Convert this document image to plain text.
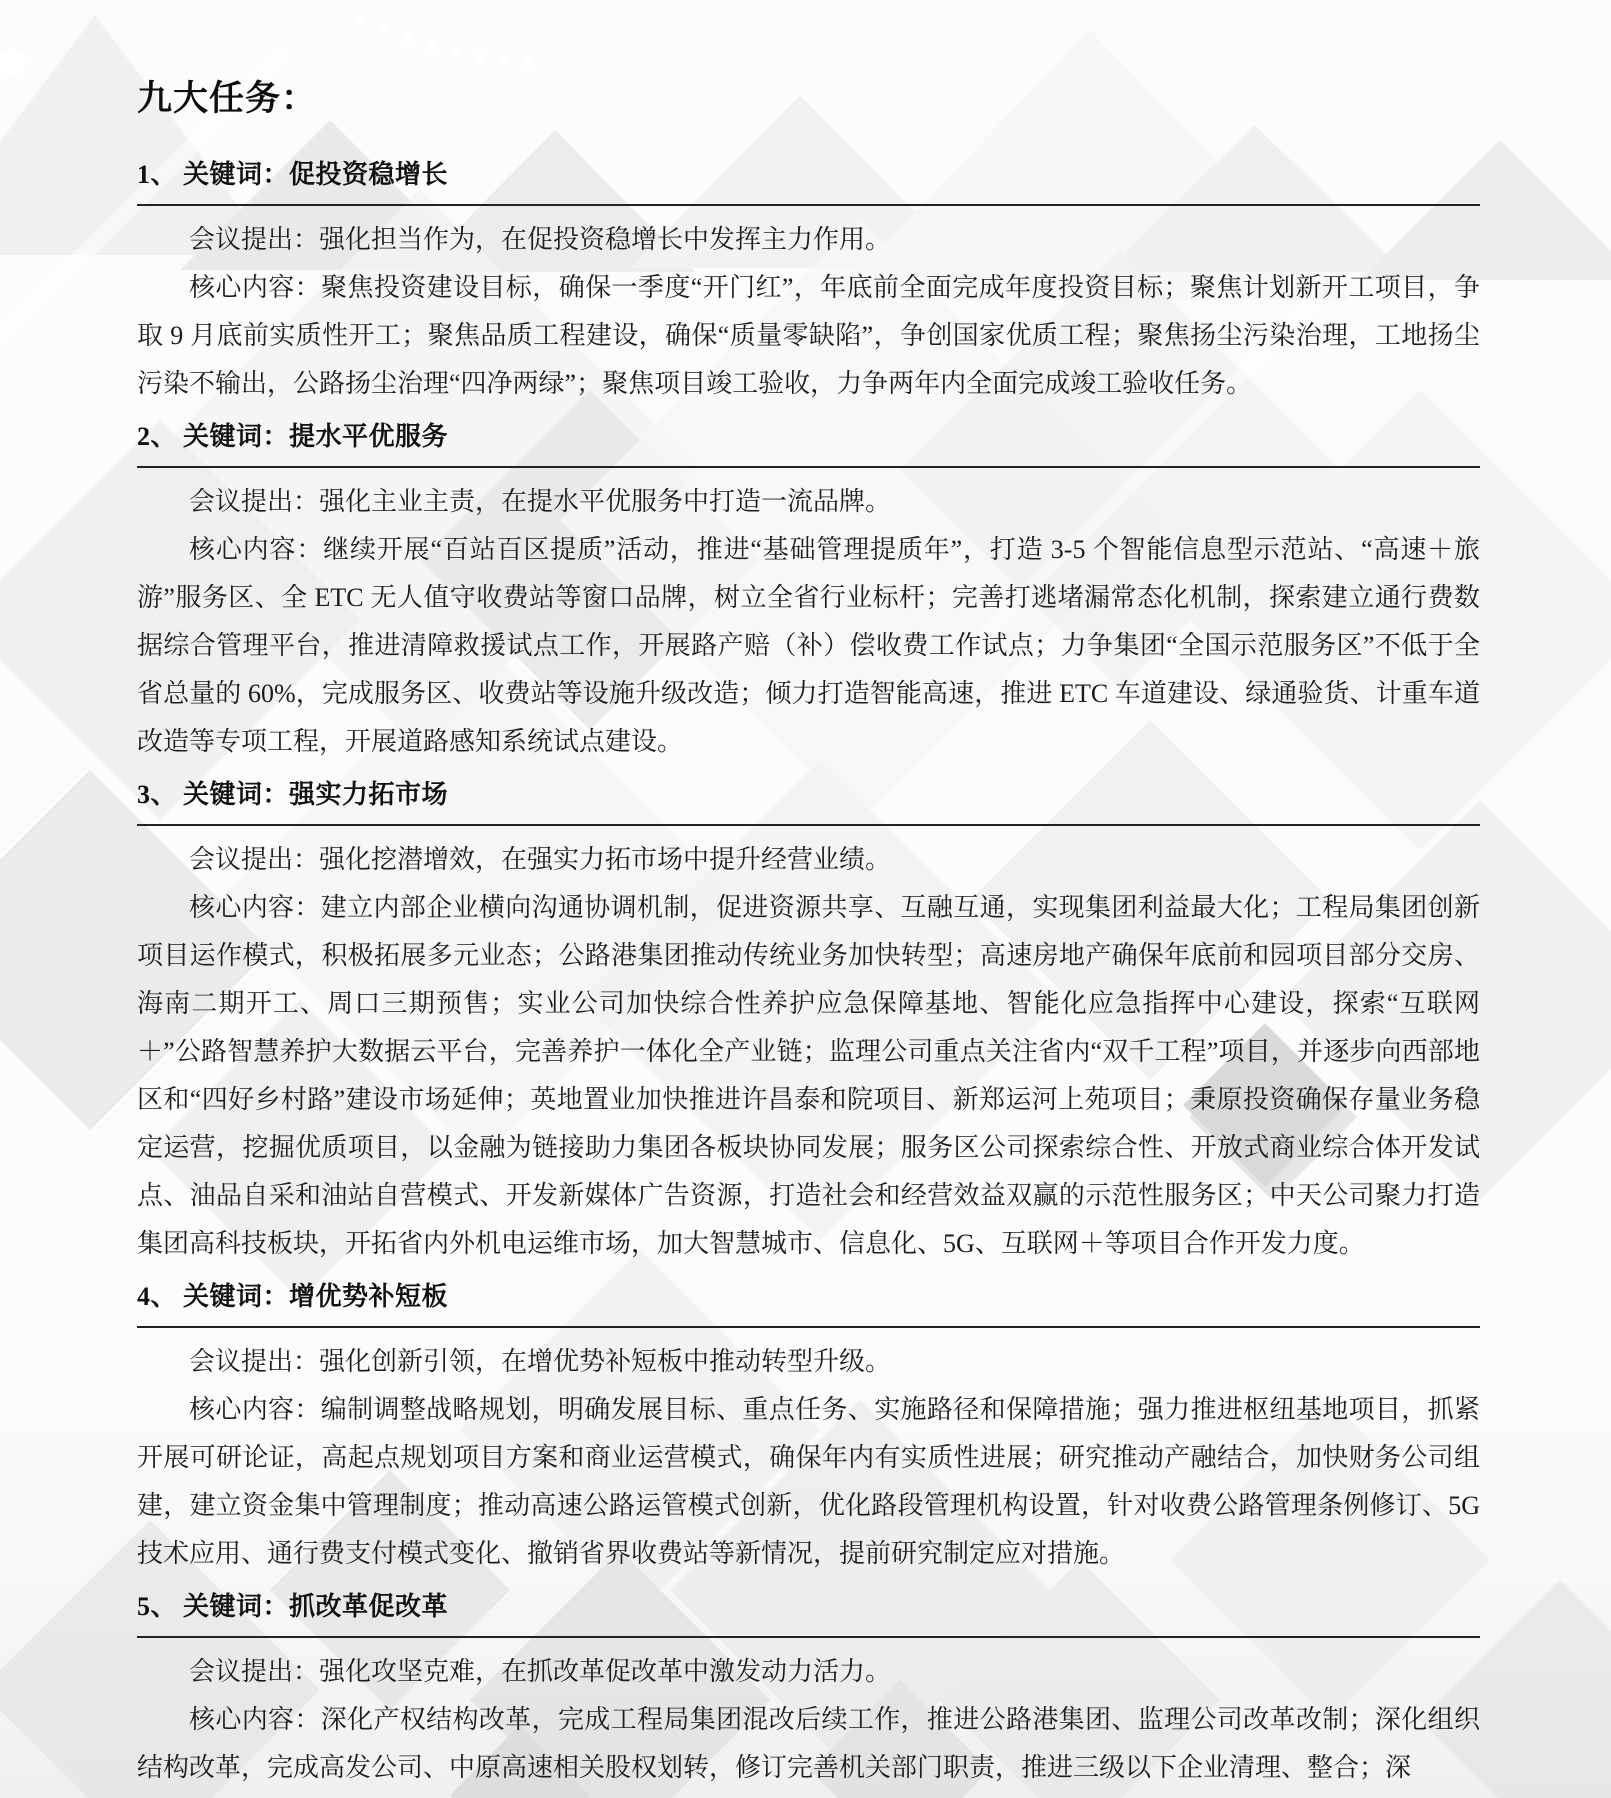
九大任务：
1、 关键词：促投资稳增长

会议提出：强化担当作为，在促投资稳增长中发挥主力作用。

核心内容：聚焦投资建设目标，确保一季度“开门红”，年底前全面完成年度投资目标；聚焦计划新开工项目，争取 9 月底前实质性开工；聚焦品质工程建设，确保“质量零缺陷”，争创国家优质工程；聚焦扬尘污染治理，工地扬尘污染不输出，公路扬尘治理“四净两绿”；聚焦项目竣工验收，力争两年内全面完成竣工验收任务。

2、 关键词：提水平优服务

会议提出：强化主业主责，在提水平优服务中打造一流品牌。

核心内容：继续开展“百站百区提质”活动，推进“基础管理提质年”，打造 3-5 个智能信息型示范站、“高速＋旅游”服务区、全 ETC 无人值守收费站等窗口品牌，树立全省行业标杆；完善打逃堵漏常态化机制，探索建立通行费数据综合管理平台，推进清障救援试点工作，开展路产赔（补）偿收费工作试点；力争集团“全国示范服务区”不低于全省总量的 60%，完成服务区、收费站等设施升级改造；倾力打造智能高速，推进 ETC 车道建设、绿通验货、计重车道改造等专项工程，开展道路感知系统试点建设。

3、 关键词：强实力拓市场

会议提出：强化挖潜增效，在强实力拓市场中提升经营业绩。

核心内容：建立内部企业横向沟通协调机制，促进资源共享、互融互通，实现集团利益最大化；工程局集团创新项目运作模式，积极拓展多元业态；公路港集团推动传统业务加快转型；高速房地产确保年底前和园项目部分交房、海南二期开工、周口三期预售；实业公司加快综合性养护应急保障基地、智能化应急指挥中心建设，探索“互联网＋”公路智慧养护大数据云平台，完善养护一体化全产业链；监理公司重点关注省内“双千工程”项目，并逐步向西部地区和“四好乡村路”建设市场延伸；英地置业加快推进许昌泰和院项目、新郑运河上苑项目；秉原投资确保存量业务稳定运营，挖掘优质项目，以金融为链接助力集团各板块协同发展；服务区公司探索综合性、开放式商业综合体开发试点、油品自采和油站自营模式、开发新媒体广告资源，打造社会和经营效益双赢的示范性服务区；中天公司聚力打造集团高科技板块，开拓省内外机电运维市场，加大智慧城市、信息化、5G、互联网＋等项目合作开发力度。

4、 关键词：增优势补短板

会议提出：强化创新引领，在增优势补短板中推动转型升级。

核心内容：编制调整战略规划，明确发展目标、重点任务、实施路径和保障措施；强力推进枢纽基地项目，抓紧开展可研论证，高起点规划项目方案和商业运营模式，确保年内有实质性进展；研究推动产融结合，加快财务公司组建，建立资金集中管理制度；推动高速公路运管模式创新，优化路段管理机构设置，针对收费公路管理条例修订、5G 技术应用、通行费支付模式变化、撤销省界收费站等新情况，提前研究制定应对措施。

5、 关键词：抓改革促改革

会议提出：强化攻坚克难，在抓改革促改革中激发动力活力。

核心内容：深化产权结构改革，完成工程局集团混改后续工作，推进公路港集团、监理公司改革改制；深化组织结构改革，完成高发公司、中原高速相关股权划转，修订完善机关部门职责，推进三级以下企业清理、整合；深
